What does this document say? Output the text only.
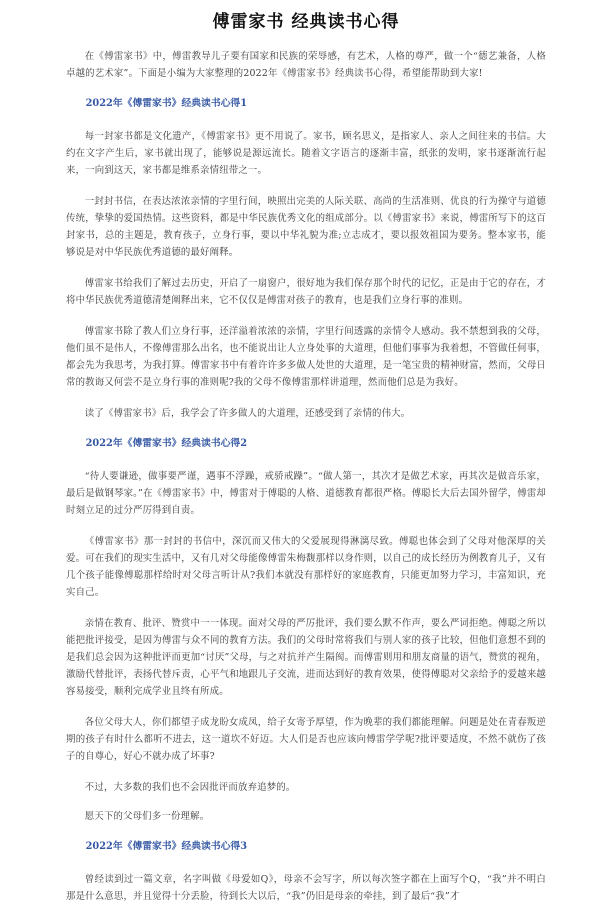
傅雷家书 经典读书心得

在《傅雷家书》中，傅雷教导儿子要有国家和民族的荣辱感，有艺术，人格的尊严，做一个“德艺兼备，人格卓越的艺术家”。下面是小编为大家整理的2022年《傅雷家书》经典读书心得，希望能帮助到大家!

2022年《傅雷家书》经典读书心得1

每一封家书都是文化遗产，《傅雷家书》更不用说了。家书，顾名思义，是指家人、亲人之间往来的书信。大约在文字产生后，家书就出现了，能够说是源远流长。随着文字语言的逐渐丰富，纸张的发明，家书逐渐流行起来，一向到这天，家书都是维系亲情纽带之一。

一封封书信，在表达浓浓亲情的字里行间，映照出完美的人际关联、高尚的生活准则、优良的行为操守与道德传统，挚挚的爱国热情。这些资料，都是中华民族优秀文化的组成部分。以《傅雷家书》来说，傅雷所写下的这百封家书，总的主题是，教育孩子，立身行事，要以中华礼貌为准;立志成才，要以报效祖国为要务。整本家书，能够说是对中华民族优秀道德的最好阐释。

傅雷家书给我们了解过去历史，开启了一扇窗户，很好地为我们保存那个时代的记忆，正是由于它的存在，才将中华民族优秀道德清楚阐释出来，它不仅仅是傅雷对孩子的教育，也是我们立身行事的准则。

傅雷家书除了教人们立身行事，还洋溢着浓浓的亲情，字里行间透露的亲情令人感动。我不禁想到我的父母，他们虽不是伟人，不像傅雷那么出名，也不能说出让人立身处事的大道理，但他们事事为我着想，不管做任何事，都会先为我思考，为我打算。傅雷家书中有着许许多多做人处世的大道理，是一笔宝贵的精神财富，然而，父母日常的教诲又何尝不是立身行事的准则呢?我的父母不像傅雷那样讲道理，然而他们总是为我好。

读了《傅雷家书》后，我学会了许多做人的大道理，还感受到了亲情的伟大。

2022年《傅雷家书》经典读书心得2

“待人要谦逊，做事要严谨，遇事不浮躁，戒骄戒躁”。“做人第一，其次才是做艺术家，再其次是做音乐家，最后是做钢琴家。”在《傅雷家书》中，傅雷对于傅聪的人格、道德教育都很严格。傅聪长大后去国外留学，傅雷却时刻立足的过分严厉得到自责。

《傅雷家书》那一封封的书信中，深沉而又伟大的父爱展现得淋漓尽致。傅聪也体会到了父母对他深厚的关爱。可在我们的现实生活中，又有几对父母能像傅雷朱梅馥那样以身作则，以自己的成长经历为例教育儿子，又有几个孩子能像傅聪那样给时对父母言听计从?我们本就没有那样好的家庭教育，只能更加努力学习，丰富知识，充实自己。

亲情在教育、批评、赞赏中一一体现。面对父母的严厉批评，我们要么默不作声，要么严词拒绝。傅聪之所以能把批评接受，是因为傅雷与众不同的教育方法。我们的父母时常将我们与别人家的孩子比较，但他们意想不到的是我们总会因为这种批评而更加“讨厌”父母，与之对抗并产生隔阂。而傅雷则用和朋友商量的语气，赞赏的视角，激励代替批评，表扬代替斥责，心平气和地跟儿子交流，进而达到好的教育效果，使得傅聪对父亲给予的爱越来越容易接受，顺利完成学业且终有所成。

各位父母大人，你们都望子成龙盼女成凤，给子女寄予厚望，作为晚辈的我们都能理解。问题是处在青春叛逆期的孩子有时什么都听不进去，这一道坎不好迈。大人们是否也应该向傅雷学学呢?批评要适度，不然不就伤了孩子的自尊心，好心不就办成了坏事?

不过，大多数的我们也不会因批评而放弃追梦的。

愿天下的父母们多一份理解。

2022年《傅雷家书》经典读书心得3

曾经读到过一篇文章，名字叫做《母爱如Q》，母亲不会写字，所以每次签字都在上面写个Q，“我”并不明白那是什么意思，并且觉得十分丢脸，待到长大以后，“我”仍旧是母亲的牵挂，到了最后“我”才
